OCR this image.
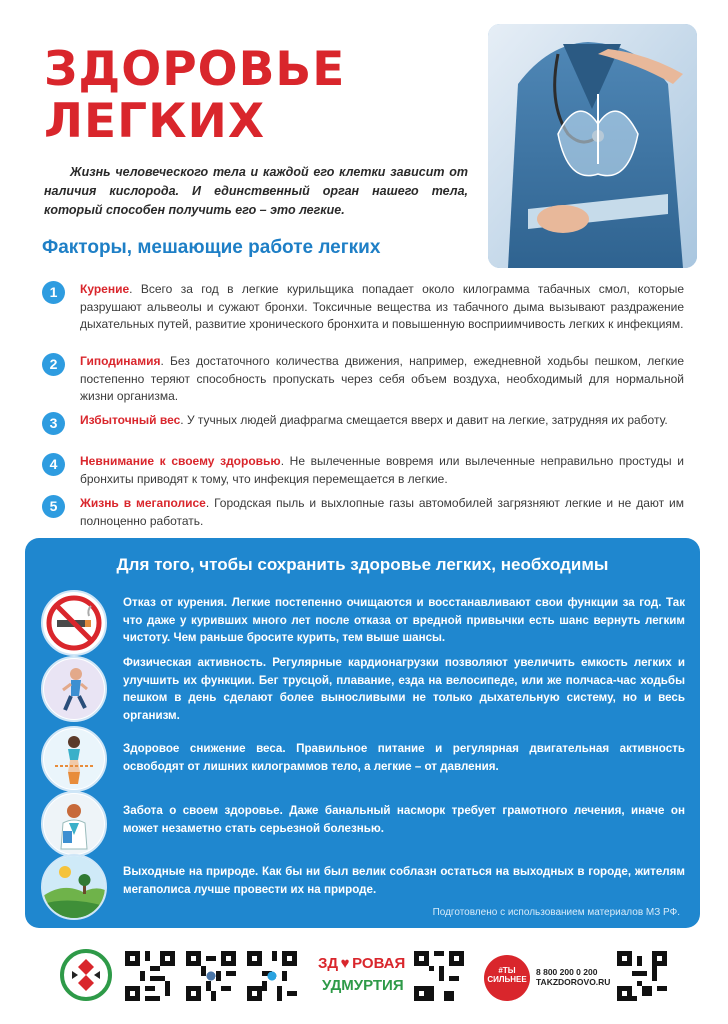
ЗДОРОВЬЕ
ЛЕГКИХ
Жизнь человеческого тела и каждой его клетки зависит от наличия кислорода. И единственный орган нашего тела, который способен получить его – это легкие.
Факторы, мешающие работе легких
1	Курение. Всего за год в легкие курильщика попадает около килограмма табачных смол, которые разрушают альвеолы и сужают бронхи. Токсичные вещества из табачного дыма вызывают раздражение дыхательных путей, развитие хронического бронхита и повышенную восприимчивость легких к инфекциям.
2	Гиподинамия. Без достаточного количества движения, например, ежедневной ходьбы пешком, легкие постепенно теряют способность пропускать через себя объем воздуха, необходимый для нормальной жизни организма.
3	Избыточный вес. У тучных людей диафрагма смещается вверх и давит на легкие, затрудняя их работу.
4	Невнимание к своему здоровью. Не вылеченные вовремя или вылеченные неправильно простуды и бронхиты приводят к тому, что инфекция перемещается в легкие.
5	Жизнь в мегаполисе. Городская пыль и выхлопные газы автомобилей загрязняют легкие и не дают им полноценно работать.
Для того, чтобы сохранить здоровье легких, необходимы
Отказ от курения. Легкие постепенно очищаются и восстанавливают свои функции за год. Так что даже у куривших много лет после отказа от вредной привычки есть шанс вернуть легким чистоту. Чем раньше бросите курить, тем выше шансы.
Физическая активность. Регулярные кардионагрузки позволяют увеличить емкость легких и улучшить их функции. Бег трусцой, плавание, езда на велосипеде, или же полчаса-час ходьбы пешком в день сделают более выносливыми не только дыхательную систему, но и весь организм.
Здоровое снижение веса. Правильное питание и регулярная двигательная активность освободят от лишних килограммов тело, а легкие – от давления.
Забота о своем здоровье. Даже банальный насморк требует грамотного лечения, иначе он может незаметно стать серьезной болезнью.
Выходные на природе. Как бы ни был велик соблазн остаться на выходных в городе, жителям мегаполиса лучше провести их на природе.
Подготовлено с использованием материалов МЗ РФ.
ЗД ♥ РОВАЯ
УДМУРТИЯ
#ТЫ
СИЛЬНЕЕ
8 800 200 0 200
TAKZDOROVO.RU
